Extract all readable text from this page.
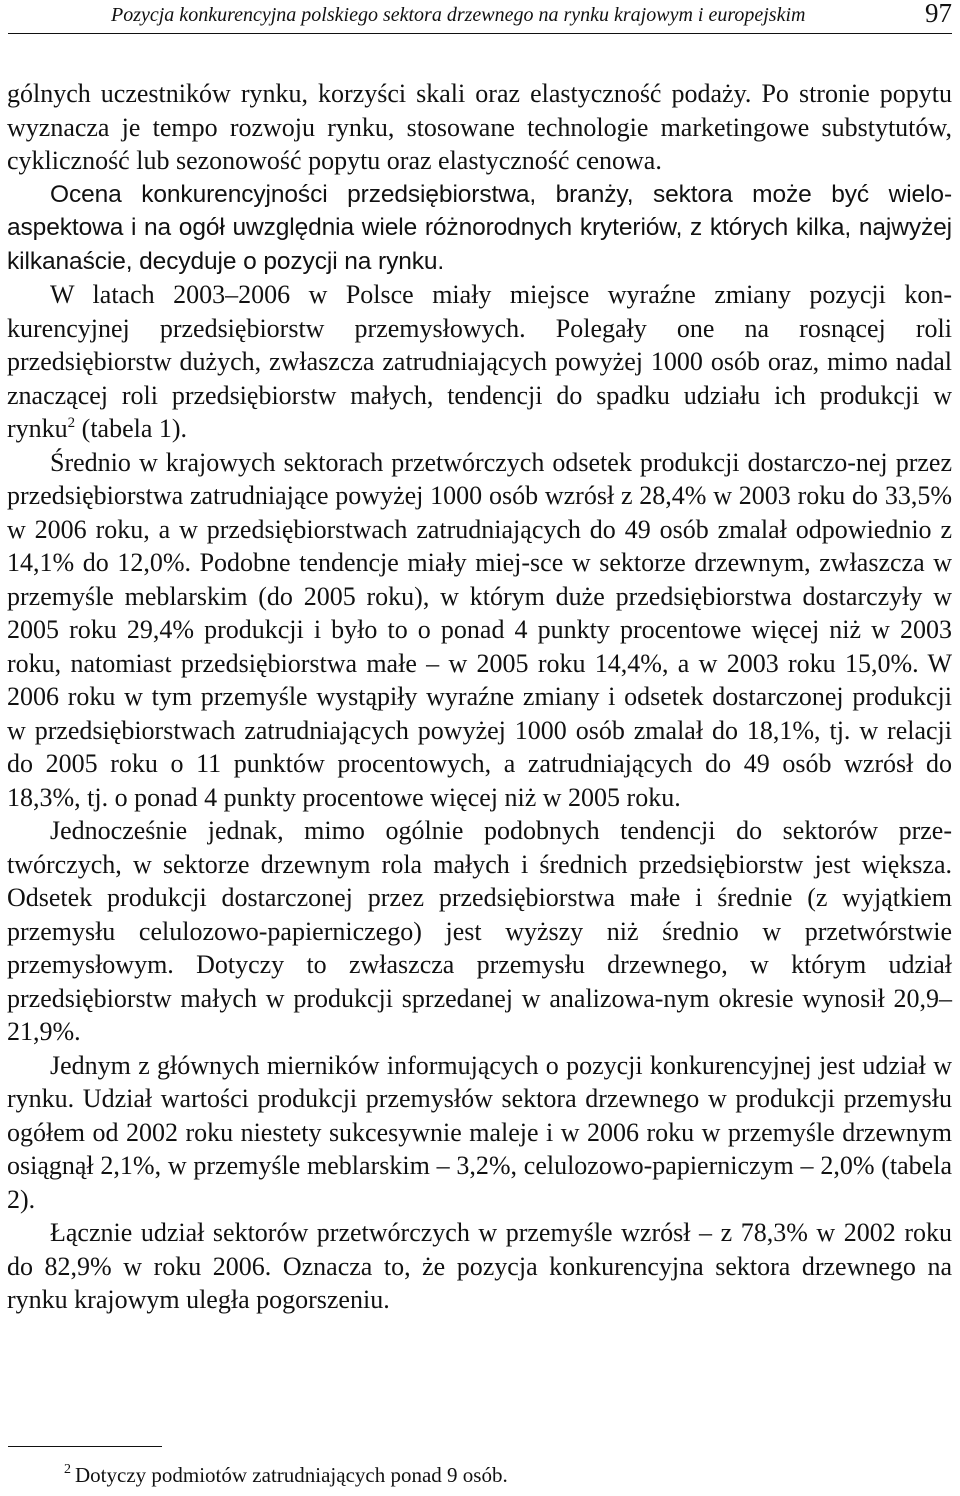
Pozycja konkurencyjna polskiego sektora drzewnego na rynku krajowym i europejskim	97

gólnych uczestników rynku, korzyści skali oraz elastyczność podaży. Po stronie popytu wyznacza je tempo rozwoju rynku, stosowane technologie marketingowe substytutów, cykliczność lub sezonowość popytu oraz elastyczność cenowa.

Ocena konkurencyjności przedsiębiorstwa, branży, sektora może być wielo-aspektowa i na ogół uwzględnia wiele różnorodnych kryteriów, z których kilka, najwyżej kilkanaście, decyduje o pozycji na rynku.

W latach 2003–2006 w Polsce miały miejsce wyraźne zmiany pozycji kon-kurencyjnej przedsiębiorstw przemysłowych. Polegały one na rosnącej roli przedsiębiorstw dużych, zwłaszcza zatrudniających powyżej 1000 osób oraz, mimo nadal znaczącej roli przedsiębiorstw małych, tendencji do spadku udziału ich produkcji w rynku$^2$ (tabela 1).

Średnio w krajowych sektorach przetwórczych odsetek produkcji dostarczo-nej przez przedsiębiorstwa zatrudniające powyżej 1000 osób wzrósł z 28,4% w 2003 roku do 33,5% w 2006 roku, a w przedsiębiorstwach zatrudniających do 49 osób zmalał odpowiednio z 14,1% do 12,0%. Podobne tendencje miały miej-sce w sektorze drzewnym, zwłaszcza w przemyśle meblarskim (do 2005 roku), w którym duże przedsiębiorstwa dostarczyły w 2005 roku 29,4% produkcji i było to o ponad 4 punkty procentowe więcej niż w 2003 roku, natomiast przedsiębiorstwa małe – w 2005 roku 14,4%, a w 2003 roku 15,0%. W 2006 roku w tym przemyśle wystąpiły wyraźne zmiany i odsetek dostarczonej produkcji w przedsiębiorstwach zatrudniających powyżej 1000 osób zmalał do 18,1%, tj. w relacji do 2005 roku o 11 punktów procentowych, a zatrudniających do 49 osób wzrósł do 18,3%, tj. o ponad 4 punkty procentowe więcej niż w 2005 roku.

Jednocześnie jednak, mimo ogólnie podobnych tendencji do sektorów prze-twórczych, w sektorze drzewnym rola małych i średnich przedsiębiorstw jest większa. Odsetek produkcji dostarczonej przez przedsiębiorstwa małe i średnie (z wyjątkiem przemysłu celulozowo-papierniczego) jest wyższy niż średnio w przetwórstwie przemysłowym. Dotyczy to zwłaszcza przemysłu drzewnego, w którym udział przedsiębiorstw małych w produkcji sprzedanej w analizowa-nym okresie wynosił 20,9–21,9%.

Jednym z głównych mierników informujących o pozycji konkurencyjnej jest udział w rynku. Udział wartości produkcji przemysłów sektora drzewnego w produkcji przemysłu ogółem od 2002 roku niestety sukcesywnie maleje i w 2006 roku w przemyśle drzewnym osiągnął 2,1%, w przemyśle meblarskim – 3,2%, celulozowo-papierniczym – 2,0% (tabela 2).

Łącznie udział sektorów przetwórczych w przemyśle wzrósł – z 78,3% w 2002 roku do 82,9% w roku 2006. Oznacza to, że pozycja konkurencyjna sektora drzewnego na rynku krajowym uległa pogorszeniu.

$^2$ Dotyczy podmiotów zatrudniających ponad 9 osób.
